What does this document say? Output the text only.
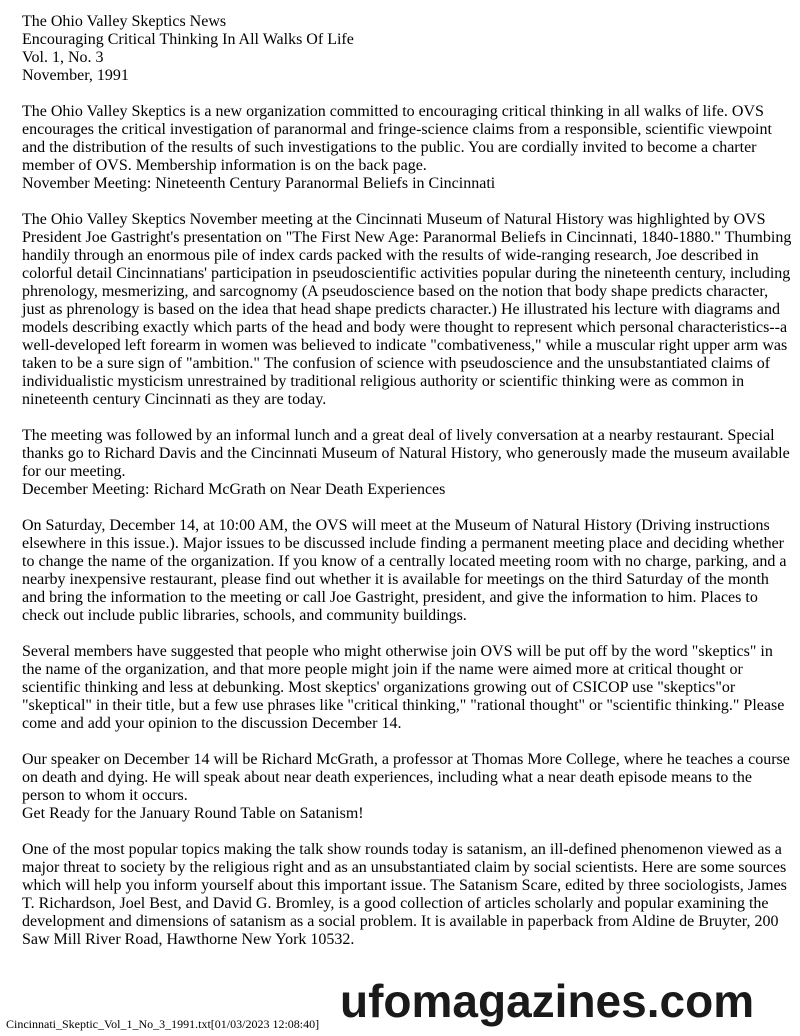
The Ohio Valley Skeptics News

Encouraging Critical Thinking In All Walks Of Life

Vol. 1, No. 3

November, 1991

The Ohio Valley Skeptics is a new organization committed to encouraging critical thinking in all walks of life. OVS encourages the critical investigation of paranormal and fringe-science claims from a responsible, scientific viewpoint and the distribution of the results of such investigations to the public. You are cordially invited to become a charter member of OVS. Membership information is on the back page.

November Meeting: Nineteenth Century Paranormal Beliefs in Cincinnati

The Ohio Valley Skeptics November meeting at the Cincinnati Museum of Natural History was highlighted by OVS President Joe Gastright's presentation on "The First New Age: Paranormal Beliefs in Cincinnati, 1840-1880." Thumbing handily through an enormous pile of index cards packed with the results of wide-ranging research, Joe described in colorful detail Cincinnatians' participation in pseudoscientific activities popular during the nineteenth century, including phrenology, mesmerizing, and sarcognomy (A pseudoscience based on the notion that body shape predicts character, just as phrenology is based on the idea that head shape predicts character.) He illustrated his lecture with diagrams and models describing exactly which parts of the head and body were thought to represent which personal characteristics--a well-developed left forearm in women was believed to indicate "combativeness," while a muscular right upper arm was taken to be a sure sign of "ambition." The confusion of science with pseudoscience and the unsubstantiated claims of individualistic mysticism unrestrained by traditional religious authority or scientific thinking were as common in nineteenth century Cincinnati as they are today.

The meeting was followed by an informal lunch and a great deal of lively conversation at a nearby restaurant. Special thanks go to Richard Davis and the Cincinnati Museum of Natural History, who generously made the museum available for our meeting.

December Meeting: Richard McGrath on Near Death Experiences

On Saturday, December 14, at 10:00 AM, the OVS will meet at the Museum of Natural History (Driving instructions elsewhere in this issue.). Major issues to be discussed include finding a permanent meeting place and deciding whether to change the name of the organization. If you know of a centrally located meeting room with no charge, parking, and a nearby inexpensive restaurant, please find out whether it is available for meetings on the third Saturday of the month and bring the information to the meeting or call Joe Gastright, president, and give the information to him. Places to check out include public libraries, schools, and community buildings.

Several members have suggested that people who might otherwise join OVS will be put off by the word "skeptics" in the name of the organization, and that more people might join if the name were aimed more at critical thought or scientific thinking and less at debunking. Most skeptics' organizations growing out of CSICOP use "skeptics"or "skeptical" in their title, but a few use phrases like "critical thinking," "rational thought" or "scientific thinking." Please come and add your opinion to the discussion December 14.

Our speaker on December 14 will be Richard McGrath, a professor at Thomas More College, where he teaches a course on death and dying. He will speak about near death experiences, including what a near death episode means to the person to whom it occurs.

Get Ready for the January Round Table on Satanism!

One of the most popular topics making the talk show rounds today is satanism, an ill-defined phenomenon viewed as a major threat to society by the religious right and as an unsubstantiated claim by social scientists. Here are some sources which will help you inform yourself about this important issue. The Satanism Scare, edited by three sociologists, James T. Richardson, Joel Best, and David G. Bromley, is a good collection of articles scholarly and popular examining the development and dimensions of satanism as a social problem. It is available in paperback from Aldine de Bruyter, 200 Saw Mill River Road, Hawthorne New York 10532.

ufomagazines.com
Cincinnati_Skeptic_Vol_1_No_3_1991.txt[01/03/2023 12:08:40]
